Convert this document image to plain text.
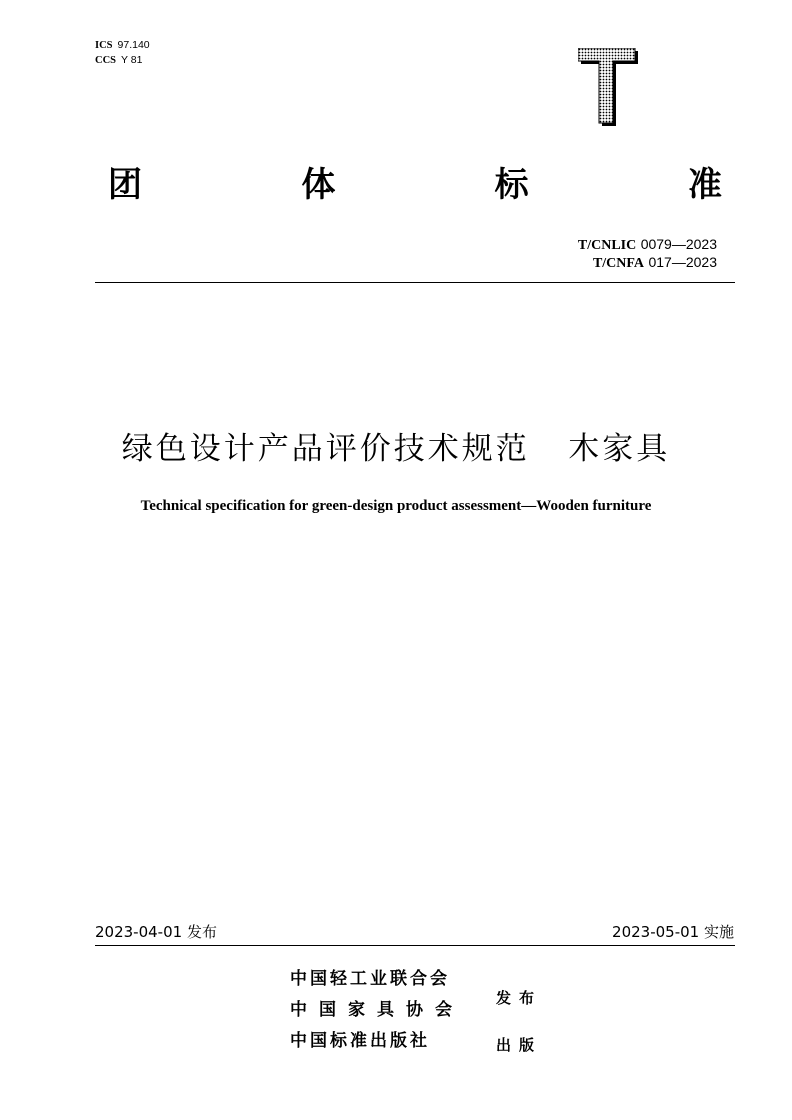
ICS 97.140
CCS Y 81
团	体	标	准
T/CNLIC 0079—2023
T/CNFA 017—2023
绿色设计产品评价技术规范   木家具
Technical specification for green-design product assessment—Wooden furniture
2023-04-01 发布	2023-05-01 实施
中国轻工业联合会
中国家具协会
中国标准出版社
发布
出版
